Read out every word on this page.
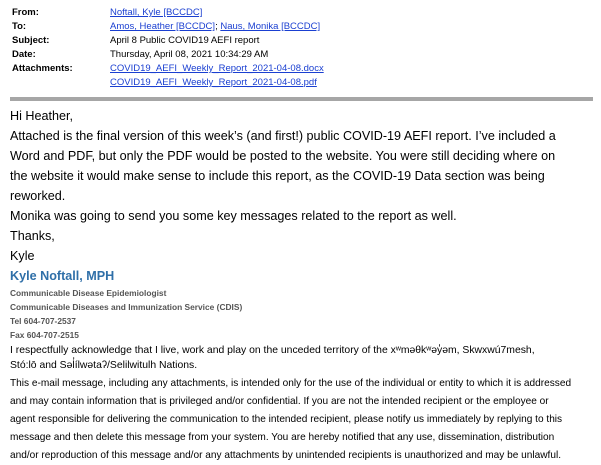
From:	Noftall, Kyle [BCCDC]
To:	Amos, Heather [BCCDC]; Naus, Monika [BCCDC]
Subject:	April 8 Public COVID19 AEFI report
Date:	Thursday, April 08, 2021 10:34:29 AM
Attachments:	COVID19_AEFI_Weekly_Report_2021-04-08.docx
COVID19_AEFI_Weekly_Report_2021-04-08.pdf

Hi Heather,

Attached is the final version of this week’s (and first!) public COVID-19 AEFI report. I’ve included a

Word and PDF, but only the PDF would be posted to the website. You were still deciding where on

the website it would make sense to include this report, as the COVID-19 Data section was being

reworked.

Monika was going to send you some key messages related to the report as well.

Thanks,

Kyle

Kyle Noftall, MPH
Communicable Disease Epidemiologist
Communicable Diseases and Immunization Service (CDIS)
Tel 604-707-2537
Fax 604-707-2515
I respectfully acknowledge that I live, work and play on the unceded territory of the xʷməθkʷəy̓əm, Skwxwú7mesh,
Stó:lō and Səl̓ílwətaʔ/Selilwitulh Nations.
This e-mail message, including any attachments, is intended only for the use of the individual or entity to which it is addressed
and may contain information that is privileged and/or confidential. If you are not the intended recipient or the employee or
agent responsible for delivering the communication to the intended recipient, please notify us immediately by replying to this
message and then delete this message from your system. You are hereby notified that any use, dissemination, distribution
and/or reproduction of this message and/or any attachments by unintended recipients is unauthorized and may be unlawful.
